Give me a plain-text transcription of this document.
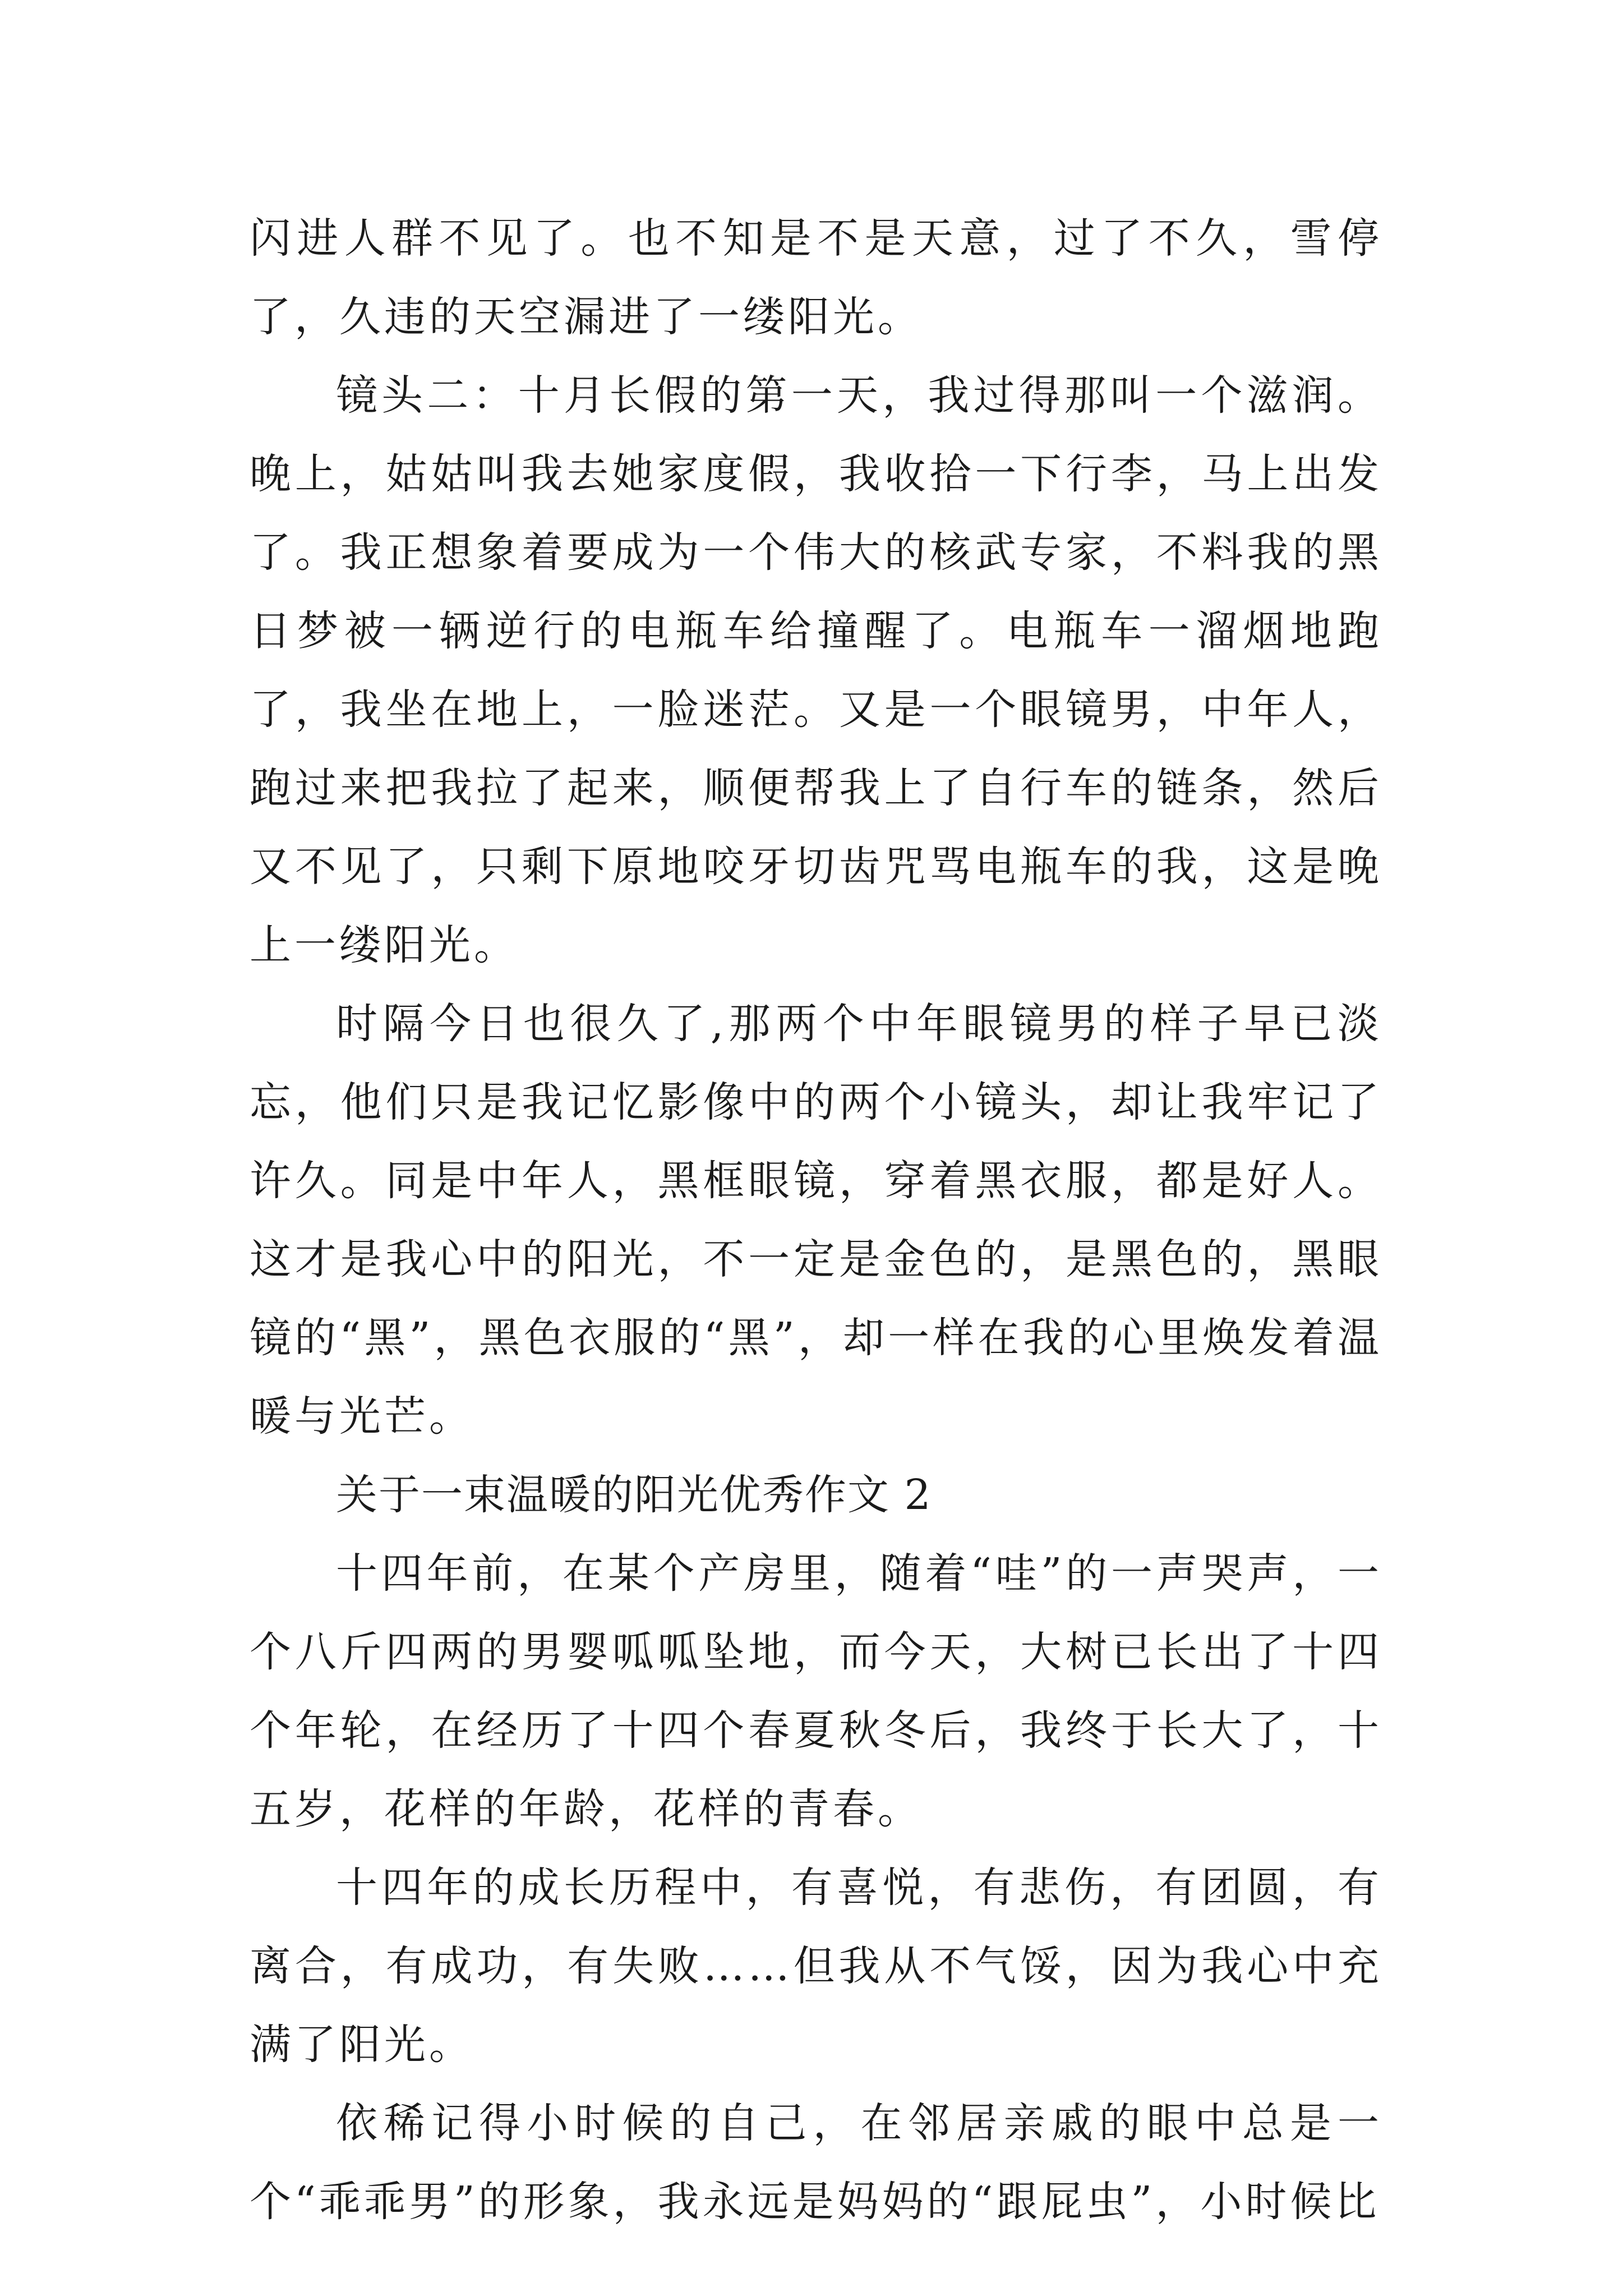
闪进人群不见了。也不知是不是天意，过了不久，雪停了，久违的天空漏进了一缕阳光。

镜头二：十月长假的第一天，我过得那叫一个滋润。晚上，姑姑叫我去她家度假，我收拾一下行李，马上出发了。我正想象着要成为一个伟大的核武专家，不料我的黑日梦被一辆逆行的电瓶车给撞醒了。电瓶车一溜烟地跑了，我坐在地上，一脸迷茫。又是一个眼镜男，中年人，跑过来把我拉了起来，顺便帮我上了自行车的链条，然后又不见了，只剩下原地咬牙切齿咒骂电瓶车的我，这是晚上一缕阳光。

时隔今日也很久了,那两个中年眼镜男的样子早已淡忘，他们只是我记忆影像中的两个小镜头，却让我牢记了许久。同是中年人，黑框眼镜，穿着黑衣服，都是好人。这才是我心中的阳光，不一定是金色的，是黑色的，黑眼镜的“黑”，黑色衣服的“黑”，却一样在我的心里焕发着温暖与光芒。

关于一束温暖的阳光优秀作文 2

十四年前，在某个产房里，随着“哇”的一声哭声，一个八斤四两的男婴呱呱坠地，而今天，大树已长出了十四个年轮，在经历了十四个春夏秋冬后，我终于长大了，十五岁，花样的年龄，花样的青春。

十四年的成长历程中，有喜悦，有悲伤，有团圆，有离合，有成功，有失败……但我从不气馁，因为我心中充满了阳光。

依稀记得小时候的自己，在邻居亲戚的眼中总是一个“乖乖男”的形象，我永远是妈妈的“跟屁虫”，小时候比
